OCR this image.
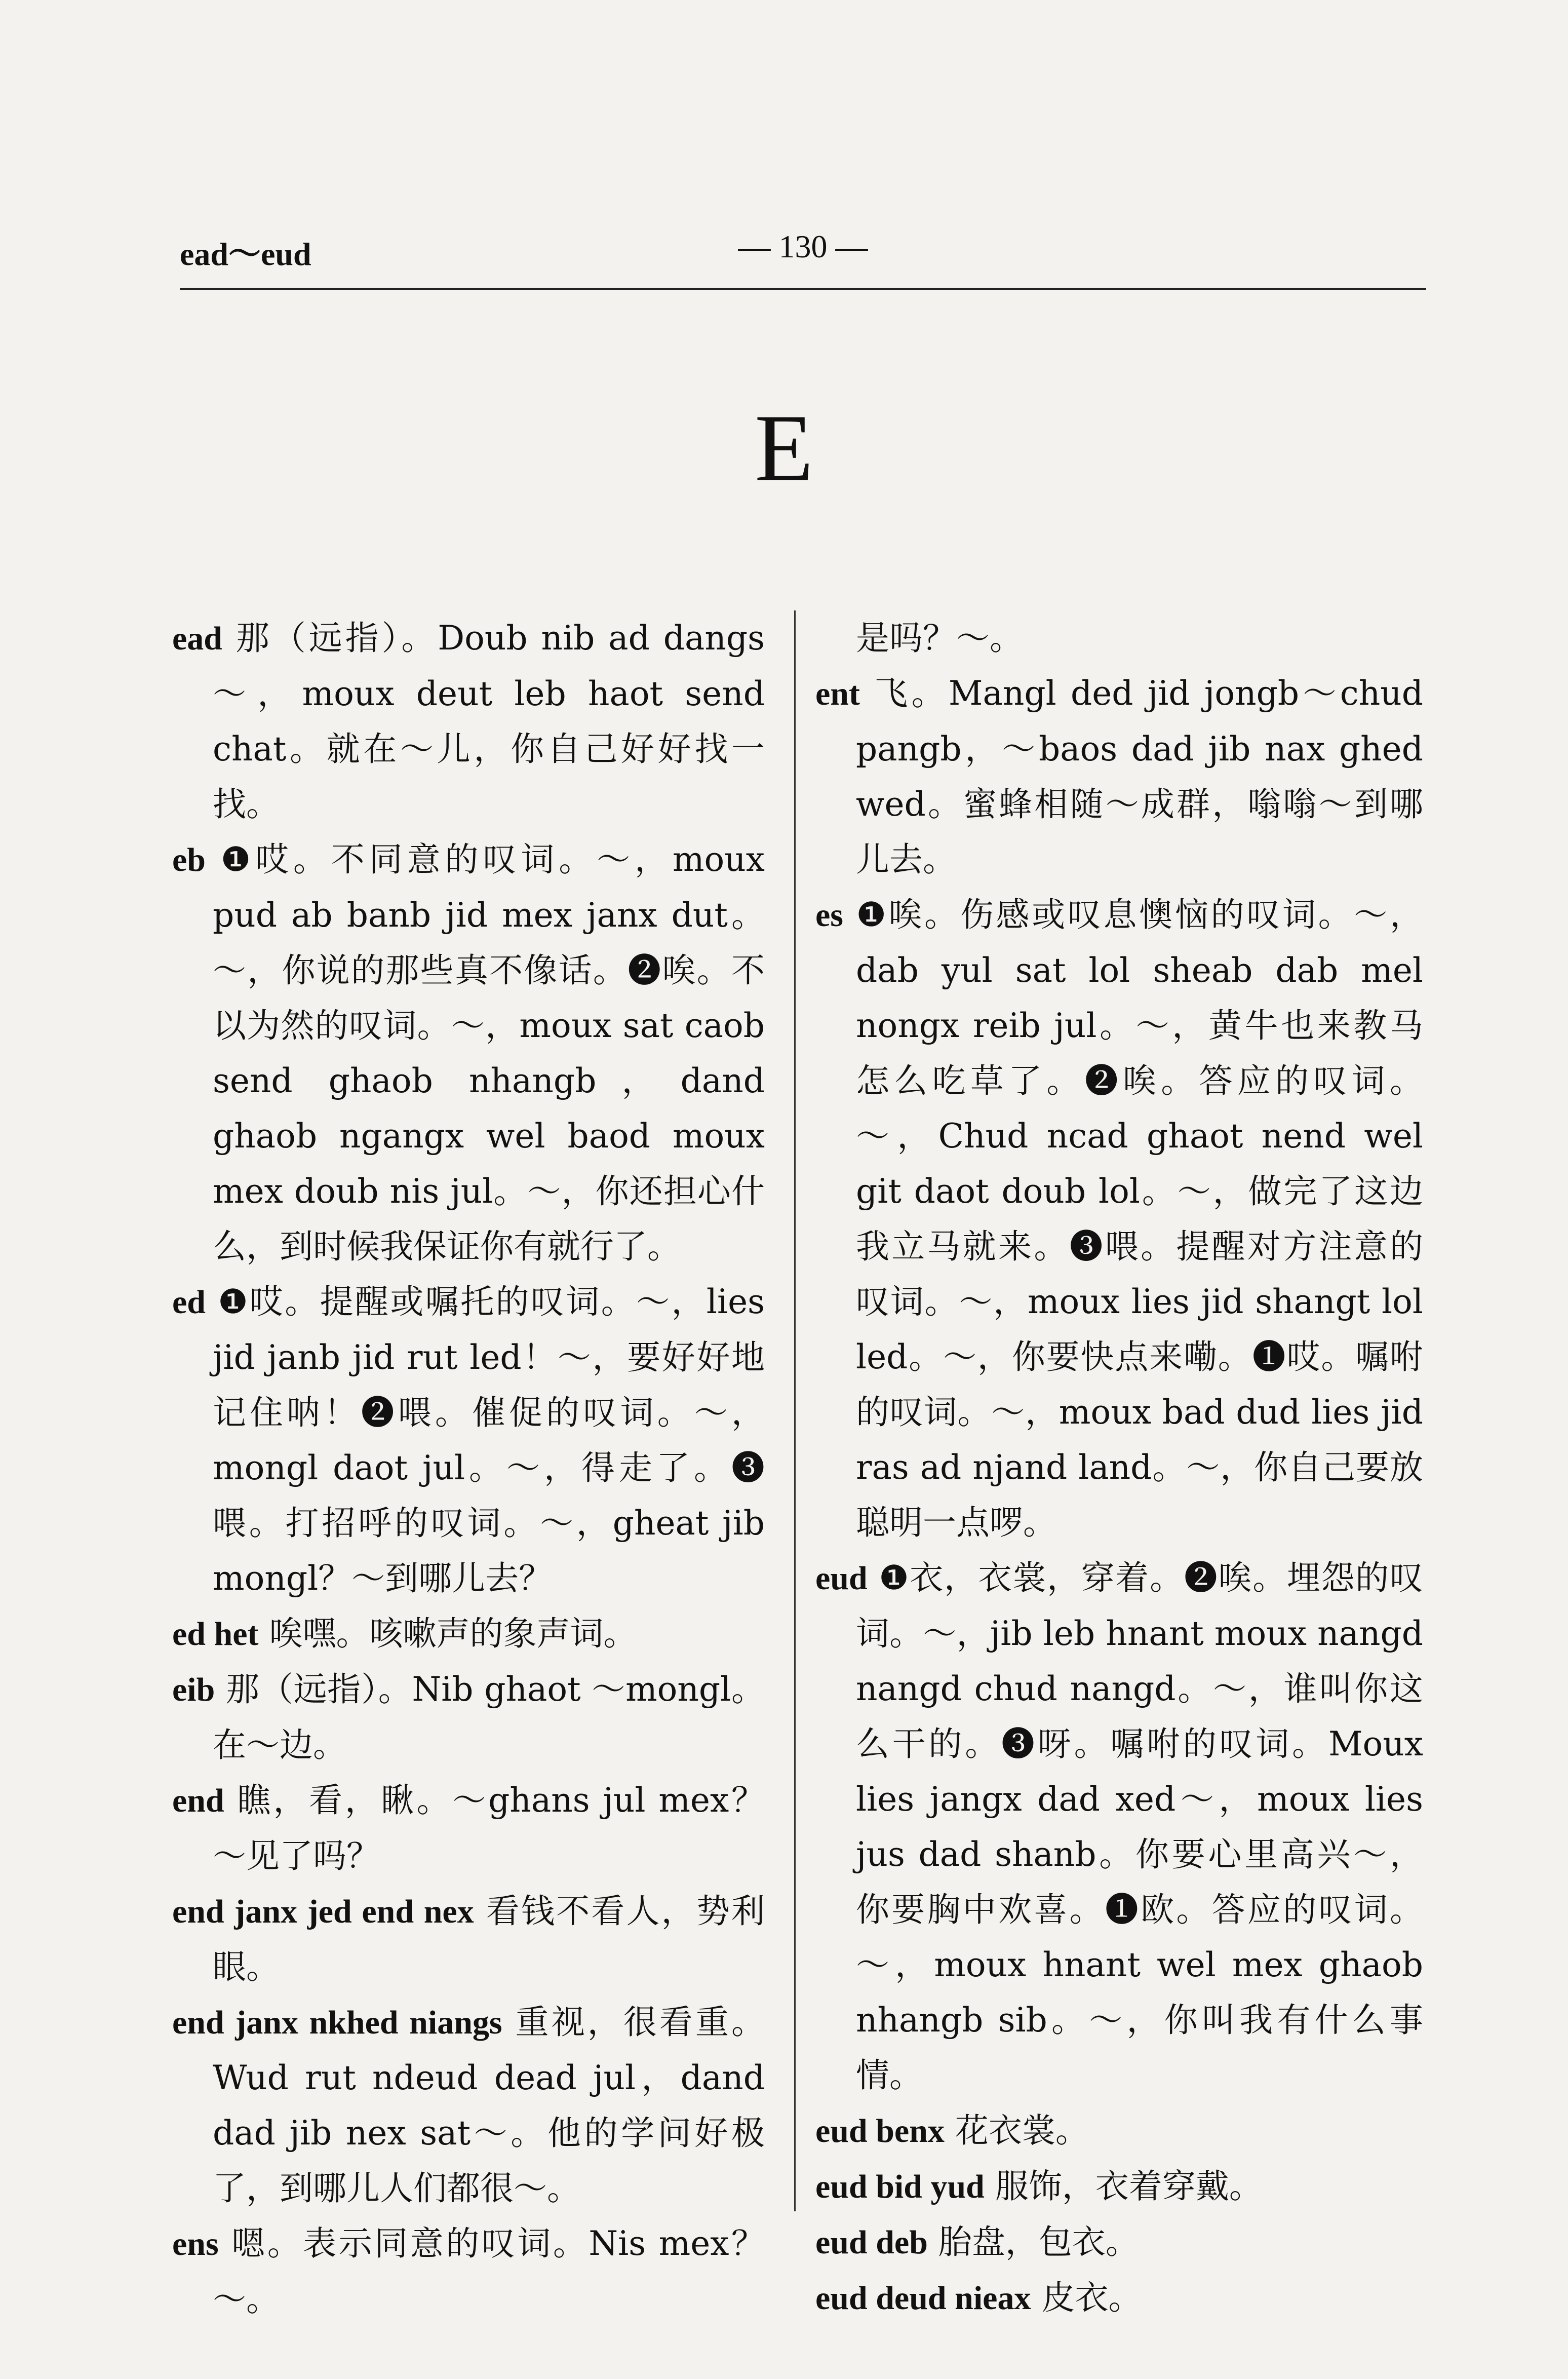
ead～eud	— 130 —
E
ead 那（远指）。Doub nib ad dangs～，moux deut leb haot send chat。就在～儿，你自己好好找一找。
eb ❶哎。不同意的叹词。～，moux pud ab banb jid mex janx dut。～，你说的那些真不像话。❷唉。不以为然的叹词。～，moux sat caob send ghaob nhangb，dand ghaob ngangx wel baod moux mex doub nis jul。～，你还担心什么，到时候我保证你有就行了。
ed ❶哎。提醒或嘱托的叹词。～，lies jid janb jid rut led！～，要好好地记住呐！❷喂。催促的叹词。～，mongl daot jul。～，得走了。❸喂。打招呼的叹词。～，gheat jib mongl？～到哪儿去？
ed het 唉嘿。咳嗽声的象声词。
eib 那（远指）。Nib ghaot ～mongl。在～边。
end 瞧，看，瞅。～ghans jul mex？～见了吗？
end janx jed end nex 看钱不看人，势利眼。
end janx nkhed niangs 重视，很看重。Wud rut ndeud dead jul，dand dad jib nex sat～。他的学问好极了，到哪儿人们都很～。
ens 嗯。表示同意的叹词。Nis mex？～。
是吗？～。
ent 飞。Mangl ded jid jongb～chud pangb，～baos dad jib nax ghed wed。蜜蜂相随～成群，嗡嗡～到哪儿去。
es ❶唉。伤感或叹息懊恼的叹词。～，dab yul sat lol sheab dab mel nongx reib jul。～，黄牛也来教马怎么吃草了。❷唉。答应的叹词。～，Chud ncad ghaot nend wel git daot doub lol。～，做完了这边我立马就来。❸喂。提醒对方注意的叹词。～，moux lies jid shangt lol led。～，你要快点来嘞。❶哎。嘱咐的叹词。～，moux bad dud lies jid ras ad njand land。～，你自己要放聪明一点啰。
eud ❶衣，衣裳，穿着。❷唉。埋怨的叹词。～，jib leb hnant moux nangd nangd chud nangd。～，谁叫你这么干的。❸呀。嘱咐的叹词。Moux lies jangx dad xed～，moux lies jus dad shanb。你要心里高兴～，你要胸中欢喜。❶欧。答应的叹词。～，moux hnant wel mex ghaob nhangb sib。～，你叫我有什么事情。
eud benx 花衣裳。
eud bid yud 服饰，衣着穿戴。
eud deb 胎盘，包衣。
eud deud nieax 皮衣。
